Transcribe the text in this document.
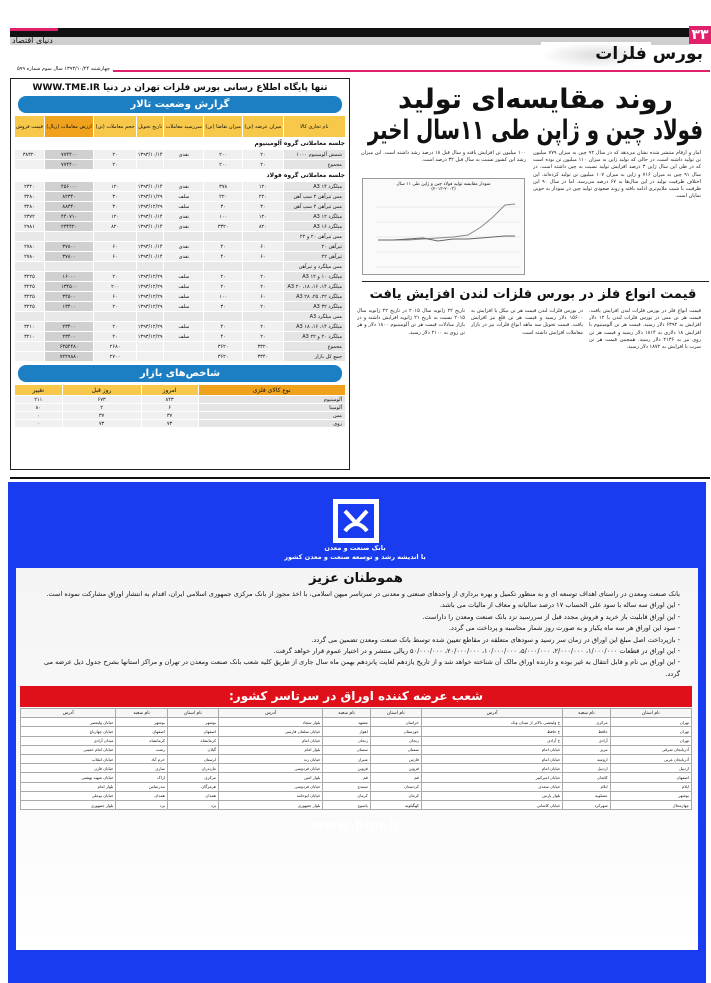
۳۳
دنیای اقتصاد
بورس فلزات
چهارشنبه ۱۳۹۳/۱۰/۲۴ سال سوم شماره ۵۹۹
تنها پایگاه اطلاع رسانی بورس فلزات تهران در دنیا WWW.TME.IR
گزارش وضعیت تالار
نام تجاری کالا	میزان عرضه (تن)	میزان تقاضا (تن)	سررسید معاملات	تاریخ تحویل	حجم معاملات (تن)	ارزش معاملات (ریال)	قیمت فروش
جلسه معاملاتی گروه آلومینیوم							
شمش آلومینیوم ۱۰۰۰	۲۰	۲۰۰	نقدی	۱۳۹۳/۱۰/۱۴	۲۰	۷۷۴۴۰۰	۳۸۳۲۰
مجموع	۲۰	۲۰۰			۲۰	۷۷۴۴۰۰	
جلسه معاملاتی گروه فولاد							
میلگرد ۱۴ A3	۱۲۰	۳۷۸	نقدی	۱۳۹۳/۱۰/۱۴	۱۲۰	۴۵۶۰۰۰	۲۳۲۰
مس تیرآهن ۲ سپ آهن	۲۲۰	۲۲۰	سلف	۱۳۹۳/۱۱/۲۹	۳۰	۸۲۳۴۰	۳۲۸۰
مس تیرآهن ۲ سپ آهن	۳۰	۳۰	سلف	۱۳۹۳/۱۲/۲۹	۳۰	۸۸۳۴۰	۳۲۸۰
میلگرد ۱۲ A3	۱۲۰	۱۰۰	نقدی	۱۳۹۳/۱۰/۱۴	۱۲۰	۴۴۰۷۱۰	۲۳۷۲
میلگرد ۱۶ A3	۸۲۰	۳۳۲۰	نقدی	۱۳۹۳/۱۰/۱۴	۸۲۰	۲۳۴۴۲۰	۲۹۸۱
مس تیرآهن ۲۰ و ۲۲							
تیرآهن ۲۰	۶۰	۴۰	نقدی	۱۳۹۳/۱۰/۱۴	۶۰	۳۷۸۰۰	۲۷۸۰
تیرآهن ۲۲	۶۰	۴۰	نقدی	۱۳۹۳/۱۰/۱۴	۶۰	۳۷۸۰۰	۲۷۸۰
مس میلگرد و تیرآهن							
میلگرد ۱۰ و ۱۲ A3	۲۰	۲۰	سلف	۱۳۹۳/۱۲/۲۹	۲۰	۱۶۰۰۰	۳۲۲۵
میلگرد ۱۴، ۱۶، ۱۸، ۲۰ A3	۲۰	۲۰	سلف	۱۳۹۳/۱۲/۲۹	۲۰۰	۱۳۴۵۰۰	۳۲۲۵
میلگرد ۲۲، ۲۵، ۲۸ A3	۶۰	۱۰۰	سلف	۱۳۹۳/۱۲/۲۹	۶۰	۳۴۵۰۰	۳۲۲۵
میلگرد ۳۲ A3	۲۰	۳۰	سلف	۱۳۹۳/۱۲/۲۹	۲۰	۱۳۴۰۰	۳۲۲۵
مس میلگرد A3							
میلگرد ۱۴، ۱۶، ۱۸ A3	۲۰	۴۰	سلف	۱۳۹۳/۱۲/۲۹	۲۰	۲۳۴۰۰	۳۲۱۰
میلگرد ۲۰ و ۲۲ A3	۲۰	۴۰	سلف	۱۳۹۳/۱۲/۲۹	۲۰	۲۳۴۰۰	۳۲۱۰
مجموع	۳۳۲۰	۳۶۲۰			۲۶۸۰	۶۳۵۴۴۸۰	
جمع کل بازار	۳۳۴۰	۳۶۲۰			۲۷۰۰	۷۲۲۹۸۸۰	
شاخص‌های بازار
نوع کالای فلزی	امروز	روز قبل	تغییر
آلومینیوم	۸۴۳	۶۷۳	۲۱۱
آلومینا	۶	۲	۸۰
مس	۳۷	۳۷	۰
روی	۷۳	۷۳	۰
روند مقایسه‌ای تولید
فولاد چین و ژاپن طی ۱۱سال اخیر
آمار و ارقام منتشر شده نشان می‌دهد که در سال ۹۲ چین به میزان ۷۷۹ میلیون تن تولید داشته است، در حالی که تولید ژاپن به میزان ۱۱۰ میلیون تن بوده است که در طی این سال ژاپن ۳ درصد افزایش تولید نسبت به چین داشته است. در سال ۹۱ چین به میزان ۷۱۶ و ژاپن به میزان ۱۰۷ میلیون تن تولید کرده‌اند. این اختلاف ظرفیت تولید در این سال‌ها به ۶۷ درصد می‌رسد. اما در سال ۹۰ این ظرفیت با شیب ملایم‌تری ادامه یافته و روند صعودی تولید چین در نمودار به خوبی نمایان است.
۱۰۰ میلیون تن افزایش یافته و سال قبل ۱۸ درصد رشد داشته است. این میزان رشد این کشور نسبت به سال قبل ۳۲ درصد است.
نمودار مقایسه تولید فولاد چین و ژاپن طی ۱۱ سال
(۲۰۱۳-۲۰۰۳)
قیمت انواع فلز در بورس فلزات لندن افزایش یافت
قیمت انواع فلز در بورس فلزات لندن افزایش یافت. قیمت هر تن مس در بورس فلزات لندن با ۱۲ دلار افزایش به ۶۳۹۲ دلار رسید. قیمت هر تن آلومینیوم با افزایش ۱۸ دلاری به ۱۸۱۴ دلار رسید و قیمت هر تن روی نیز به ۲۱۳۶ دلار رسید. همچنین قیمت هر تن سرب با افزایش به ۱۸۷۲ دلار رسید.
در بورس فلزات لندن قیمت هر تن نیکل با افزایش به ۱۵۶۰۰ دلار رسید و قیمت هر تن قلع نیز افزایش یافت. قیمت تحویل سه ماهه انواع فلزات نیز در بازار معاملات افزایش داشته است.
تاریخ ۲۲ ژانویه سال ۲۰۱۵ در تاریخ ۲۲ ژانویه سال ۲۰۱۵ نسبت به تاریخ ۲۱ ژانویه افزایش داشته و در بازار مبادلات قیمت هر تن آلومینیوم ۱۸۰۰ دلار و هر تن روی به ۲۱۰۰ دلار رسید.
بانک صنعت و معدن
با اندیشه رشد و توسعه صنعت و معدن کشور
هموطنان عزیز
بانک صنعت ومعدن در راستای اهداف توسعه ای و به منظور تکمیل و بهره برداری از واحدهای صنعتی و معدنی در سرتاسر میهن اسلامی، با اخذ مجوز از بانک مرکزی جمهوری اسلامی ایران، اقدام به انتشار اوراق مشارکت نموده است.
- این اوراق سه ساله با سود علی الحساب ۱۷ درصد سالیانه و معاف از مالیات می باشد.
- این اوراق قابلیت باز خرید و فروش مجدد قبل از سررسید نزد بانک صنعت ومعدن را داراست.
- سود این اوراق هر سه ماه یکبار و به صورت روز شمار محاسبه و پرداخت می گردد.
- بازپرداخت اصل مبلغ این اوراق در زمان سر رسید و سودهای متعلقه در مقاطع تعیین شده توسط بانک صنعت ومعدن تضمین می گردد.
- این اوراق در قطعات ۱/۰۰۰/۰۰۰، ۲/۰۰۰/۰۰۰، ۵/۰۰۰/۰۰۰، ۱۰/۰۰۰/۰۰۰، ۲۰/۰۰۰/۰۰۰، ۵۰/۰۰۰/۰۰۰ ریالی منتشر و در اختیار عموم قرار خواهد گرفت.
- این اوراق بی نام و قابل انتقال به غیر بوده و دارنده اوراق مالک آن شناخته خواهد شد و از تاریخ یازدهم لغایت پانزدهم بهمن ماه سال جاری از طریق کلیه شعب بانک صنعت ومعدن در تهران و مراکز استانها بشرح جدول ذیل عرضه می گردد.
شعب عرضه کننده اوراق در سرتاسر کشور:
نام استان	نام شعبه	آدرس	نام استان	نام شعبه	آدرس	نام استان	نام شعبه	آدرس
تهران	مرکزی	خ ولیعصر، بالاتر از میدان ونک	خراسان	مشهد	بلوار سجاد	بوشهر	بوشهر	خیابان ولیعصر
تهران	حافظ	خ حافظ	خوزستان	اهواز	خیابان سلمان فارسی	اصفهان	اصفهان	خیابان چهارباغ
تهران	آزادی	خ آزادی	زنجان	زنجان	خیابان امام	کرمانشاه	کرمانشاه	میدان آزادی
آذربایجان شرقی	تبریز	خیابان امام	سمنان	سمنان	بلوار امام	گیلان	رشت	خیابان امام خمینی
آذربایجان غربی	ارومیه	خیابان امام	فارس	شیراز	خیابان زند	لرستان	خرم آباد	خیابان انقلاب
اردبیل	اردبیل	خیابان امام	قزوین	قزوین	خیابان فردوسی	مازندران	ساری	خیابان قارن
اصفهان	کاشان	خیابان امیرکبیر	قم	قم	بلوار امین	مرکزی	اراک	خیابان شهید بهشتی
ایلام	ایلام	خیابان سعدی	کردستان	سنندج	خیابان فردوسی	هرمزگان	بندرعباس	بلوار امام
بوشهر	عسلویه	بلوار پارس	کرمان	کرمان	خیابان ابوحامد	همدان	همدان	خیابان بوعلی
چهارمحال	شهرکرد	خیابان کاشانی	کهگیلویه	یاسوج	بلوار جمهوری	یزد	یزد	بلوار جمهوری
www.bim.ir
